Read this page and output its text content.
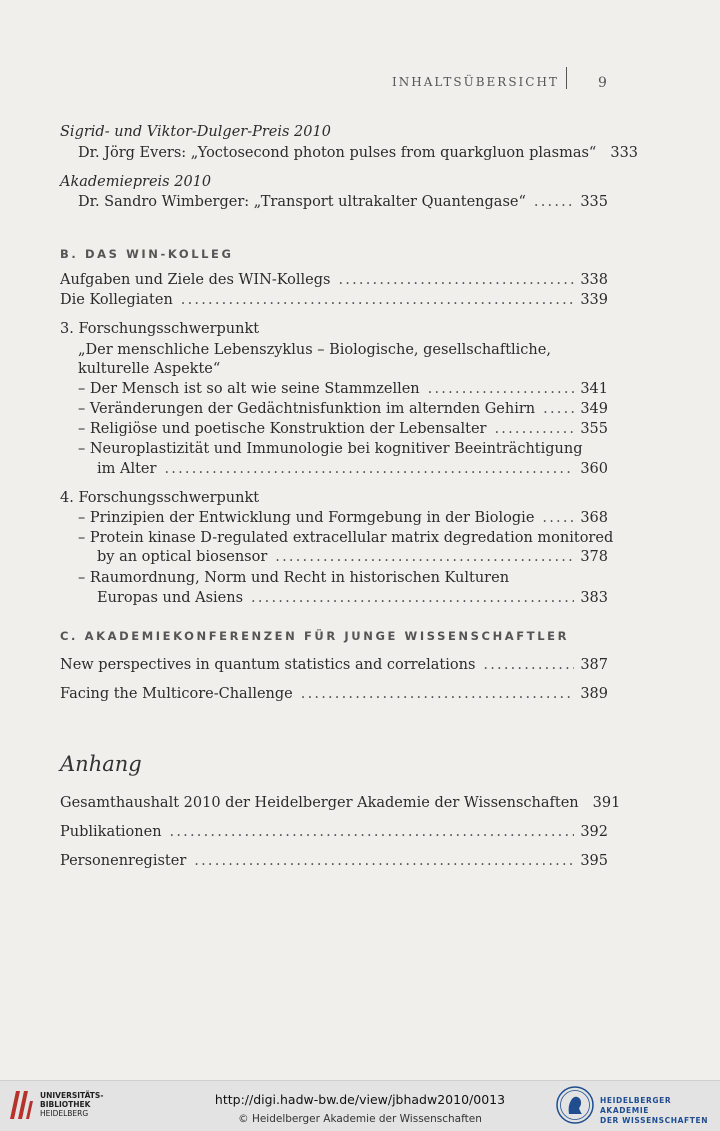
INHALTSÜBERSICHT	9
Sigrid- und Viktor-Dulger-Preis 2010
Dr. Jörg Evers: „Yoctosecond photon pulses from quarkgluon plasmas“ 333
Akademiepreis 2010
Dr. Sandro Wimberger: „Transport ultrakalter Quantengase“ .....	335
B. DAS WIN-KOLLEG
Aufgaben und Ziele des WIN-Kollegs .....	338
Die Kollegiaten .....	339
3. Forschungsschwerpunkt
„Der menschliche Lebenszyklus – Biologische, gesellschaftliche,
kulturelle Aspekte“
– Der Mensch ist so alt wie seine Stammzellen .....	341
– Veränderungen der Gedächtnisfunktion im alternden Gehirn .....	349
– Religiöse und poetische Konstruktion der Lebensalter .....	355
– Neuroplastizität und Immunologie bei kognitiver Beeinträchtigung
im Alter .....	360
4. Forschungsschwerpunkt
– Prinzipien der Entwicklung und Formgebung in der Biologie .....	368
– Protein kinase D-regulated extracellular matrix degredation monitored
by an optical biosensor .....	378
– Raumordnung, Norm und Recht in historischen Kulturen
Europas und Asiens .....	383
C. AKADEMIEKONFERENZEN FÜR JUNGE WISSENSCHAFTLER
New perspectives in quantum statistics and correlations .....	387
Facing the Multicore-Challenge .....	389
Anhang
Gesamthaushalt 2010 der Heidelberger Akademie der Wissenschaften 391
Publikationen .....	392
Personenregister .....	395
UNIVERSITÄTS-
BIBLIOTHEK
HEIDELBERG
http://digi.hadw-bw.de/view/jbhadw2010/0013
© Heidelberger Akademie der Wissenschaften
HEIDELBERGER AKADEMIE
DER WISSENSCHAFTEN
